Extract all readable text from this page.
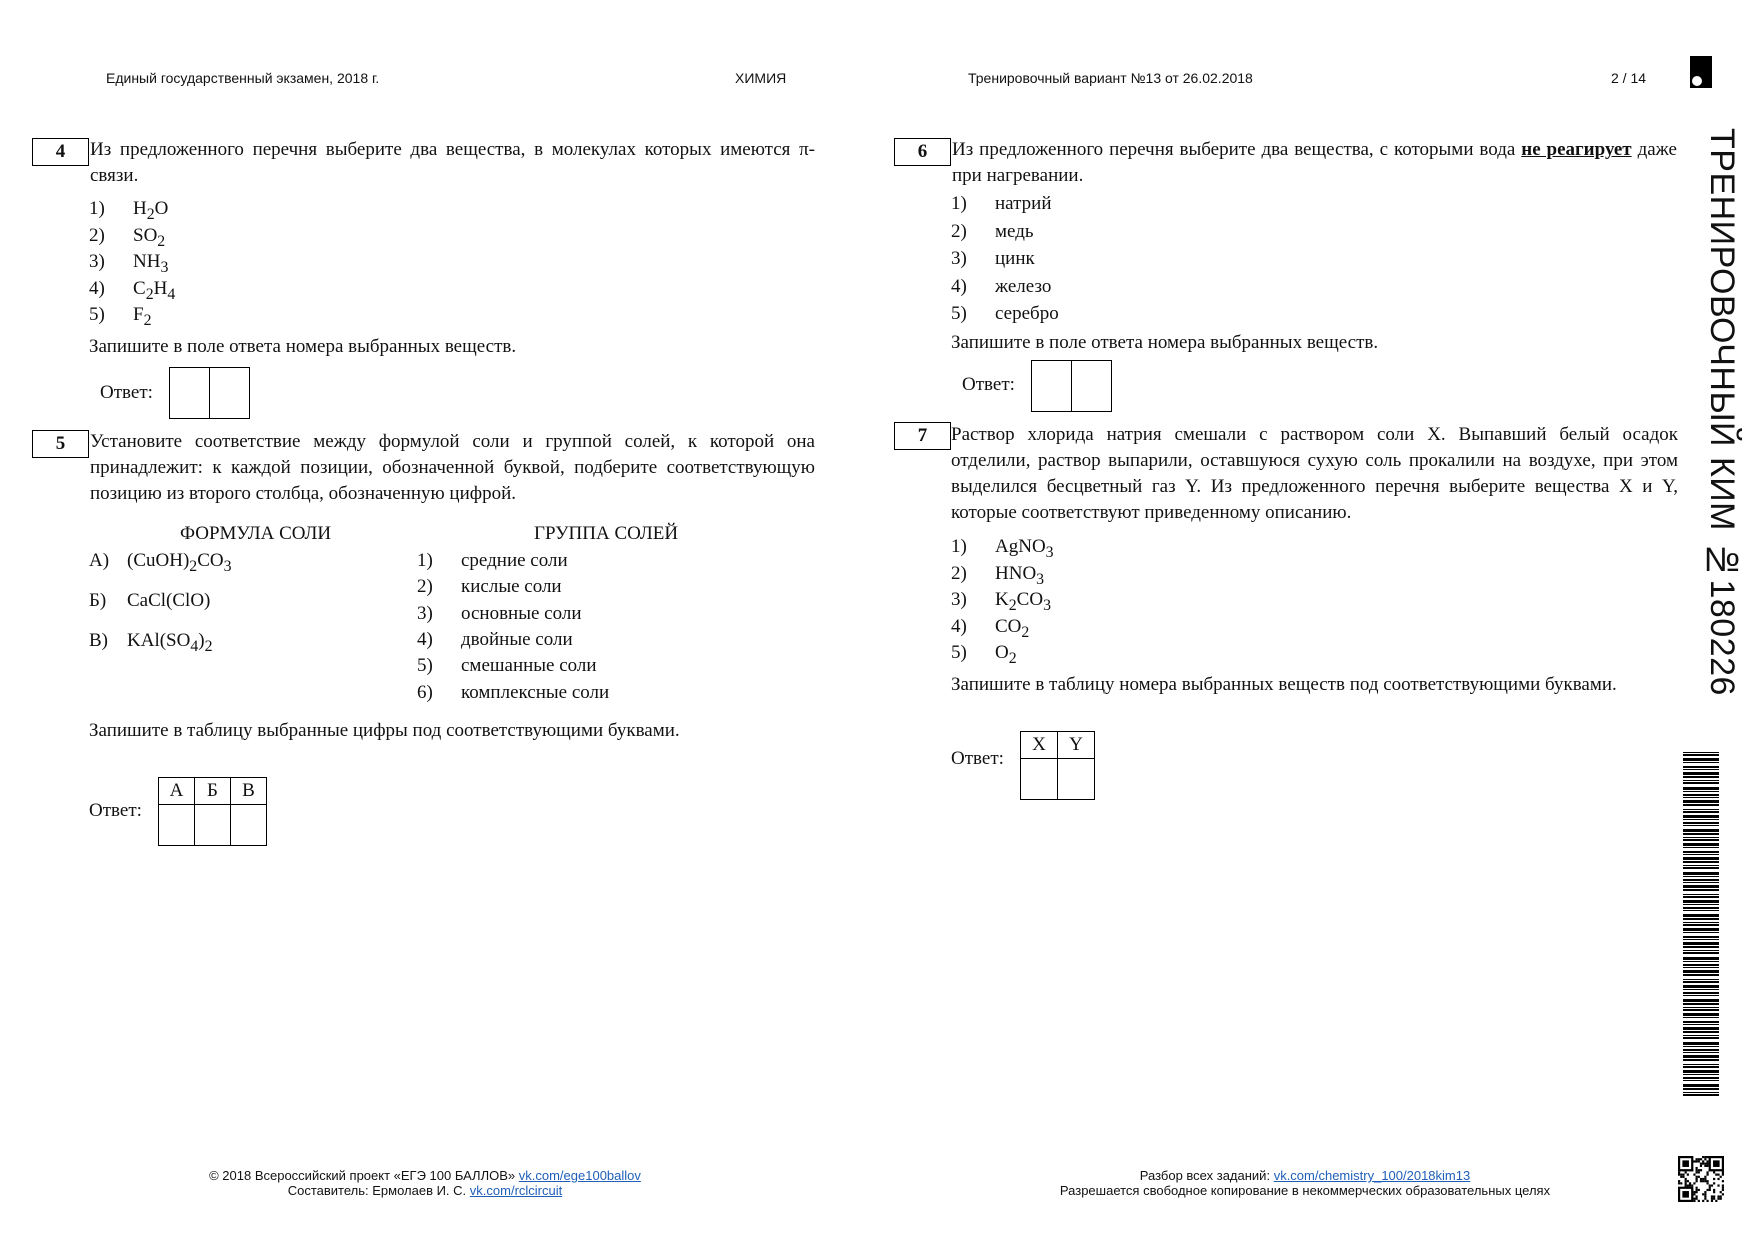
Единый государственный экзамен, 2018 г.	ХИМИЯ	Тренировочный вариант №13 от 26.02.2018	2 / 14
ТРЕНИРОВОЧНЫЙ КИМ №180226
4	Из предложенного перечня выберите два вещества, в молекулах которых имеются π-связи.
1) $H_2O$
2) $SO_2$
3) $NH_3$
4) $C_2H_4$
5) $F_2$
Запишите в поле ответа номера выбранных веществ.
Ответ:
5	Установите соответствие между формулой соли и группой солей, к которой она принадлежит: к каждой позиции, обозначенной буквой, подберите соответствующую позицию из второго столбца, обозначенную цифрой.
ФОРМУЛА СОЛИ	ГРУППА СОЛЕЙ
А) $(CuOH)_2CO_3$
Б) CaCl(ClO)
В) $KAl(SO_4)_2$
1) средние соли
2) кислые соли
3) основные соли
4) двойные соли
5) смешанные соли
6) комплексные соли
Запишите в таблицу выбранные цифры под соответствующими буквами.
Ответ:
А	Б	В

6	Из предложенного перечня выберите два вещества, с которыми вода не реагирует даже при нагревании.
1) натрий
2) медь
3) цинк
4) железо
5) серебро
Запишите в поле ответа номера выбранных веществ.
Ответ:
7	Раствор хлорида натрия смешали с раствором соли X. Выпавший белый осадок отделили, раствор выпарили, оставшуюся сухую соль прокалили на воздухе, при этом выделился бесцветный газ Y. Из предложенного перечня выберите вещества X и Y, которые соответствуют приведенному описанию.
1) AgNO$_3$
2) $HNO_3$
3) $K_2CO_3$
4) $CO_2$
5) $O_2$
Запишите в таблицу номера выбранных веществ под соответствующими буквами.
Ответ:
X	Y

© 2018 Всероссийский проект «ЕГЭ 100 БАЛЛОВ» vk.com/ege100ballov
Составитель: Ермолаев И. С. vk.com/rclcircuit
Разбор всех заданий: vk.com/chemistry_100/2018kim13
Разрешается свободное копирование в некоммерческих образовательных целях
